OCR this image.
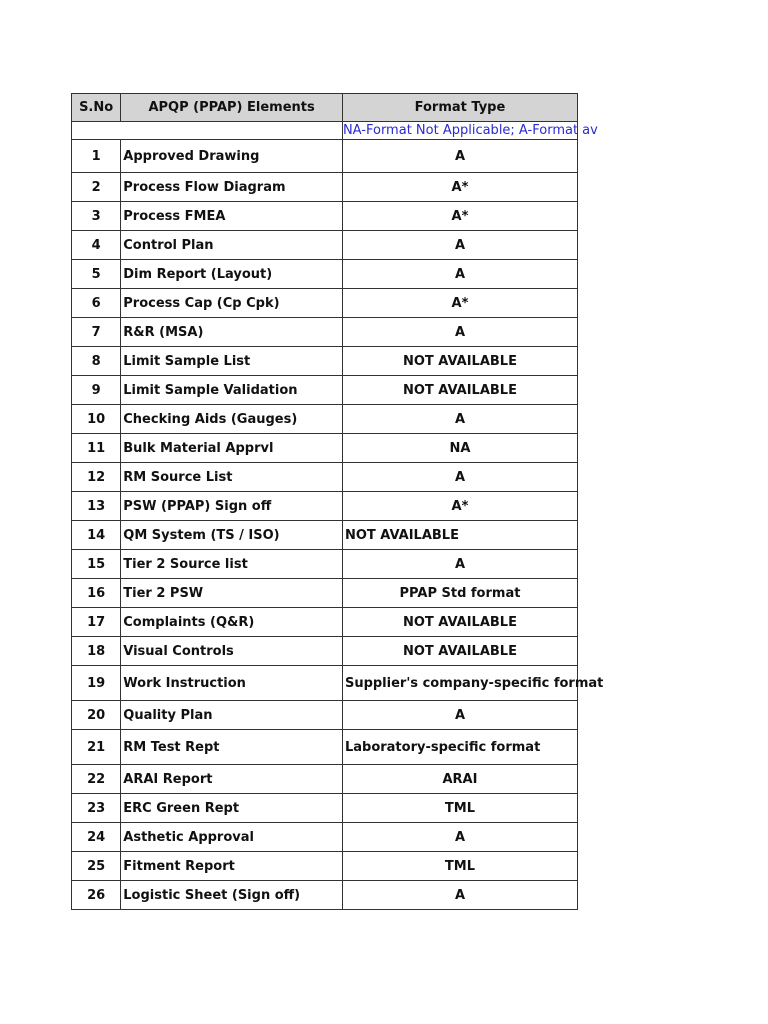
S.No	APQP (PPAP) Elements	Format Type

		NA-Format Not Applicable; A-Format av

1	Approved Drawing	A
2	Process Flow Diagram	A*
3	Process FMEA	A*
4	Control Plan	A
5	Dim Report (Layout)	A
6	Process Cap (Cp Cpk)	A*
7	R&R (MSA)	A
8	Limit Sample List	NOT AVAILABLE
9	Limit Sample Validation	NOT AVAILABLE
10	Checking Aids (Gauges)	A
11	Bulk Material Apprvl	NA
12	RM Source List	A
13	PSW (PPAP) Sign off	A*
14	QM System (TS / ISO)	NOT AVAILABLE
15	Tier 2 Source list	A
16	Tier 2 PSW	PPAP Std format
17	Complaints (Q&R)	NOT AVAILABLE
18	Visual Controls	NOT AVAILABLE
19	Work Instruction	Supplier's company-specific format
20	Quality Plan	A
21	RM Test Rept	Laboratory-specific format
22	ARAI Report	ARAI
23	ERC Green Rept	TML
24	Asthetic Approval	A
25	Fitment Report	TML
26	Logistic Sheet (Sign off)	A
